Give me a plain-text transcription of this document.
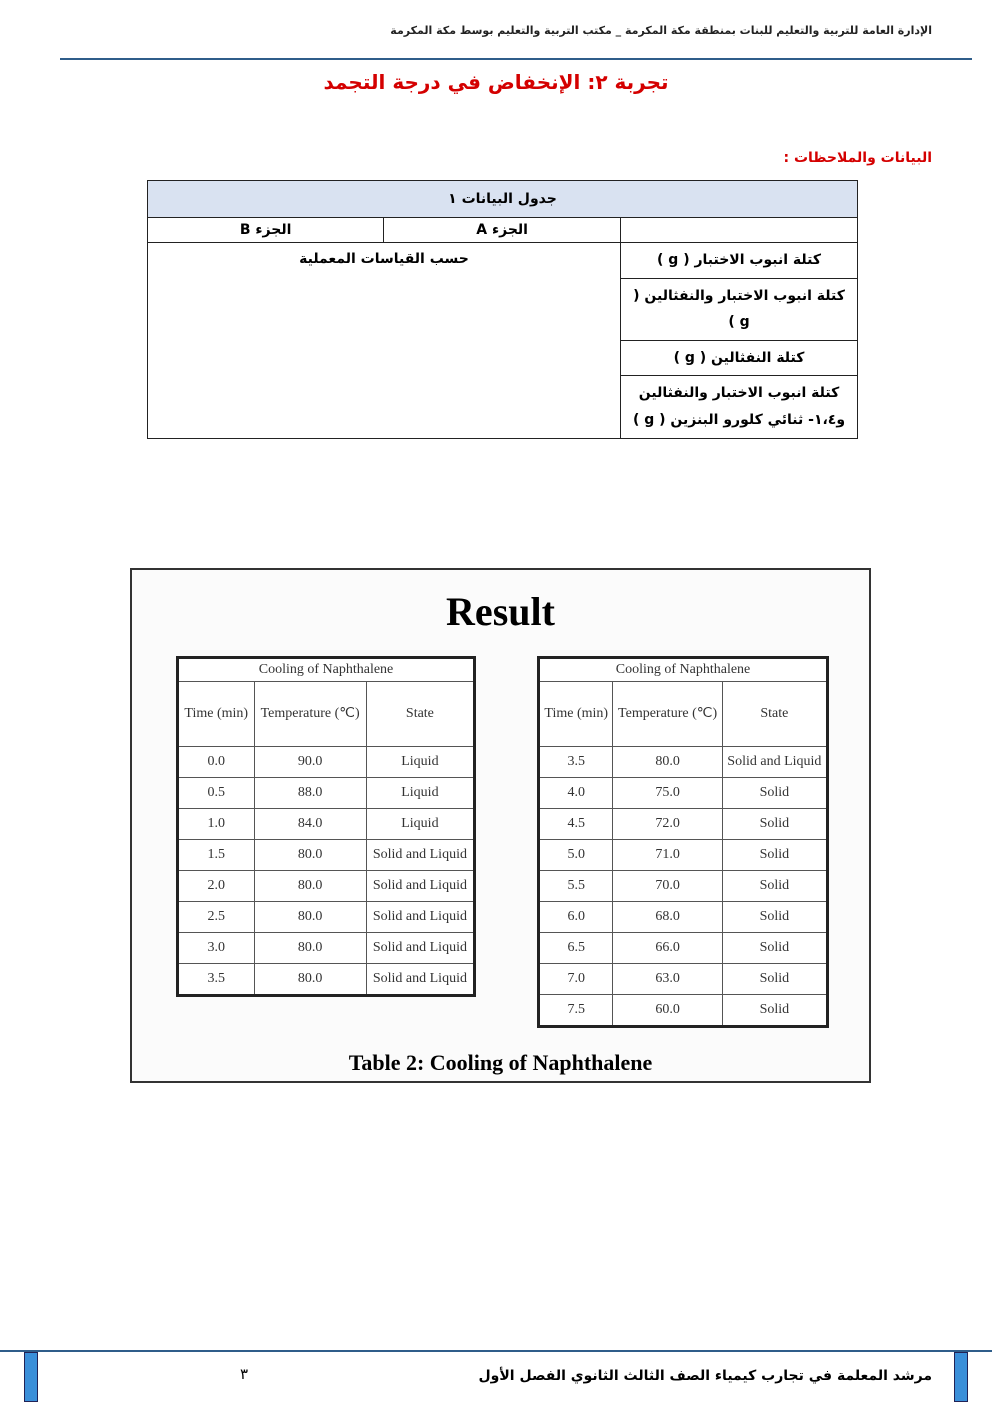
الإدارة العامة للتربية والتعليم للبنات بمنطقة مكة المكرمة _ مكتب التربية والتعليم بوسط مكة المكرمة
تجربة ٢: الإنخفاض في درجة التجمد
البيانات والملاحظات :
جدول البيانات ١		
	الجزء A	الجزء B
كتلة انبوب الاختبار ( g )	حسب القياسات المعملية	
كتلة انبوب الاختبار والنفثالين ( g )		
كتلة النفثالين ( g )		
كتلة انبوب الاختبار والنفثالين و١،٤- ثنائي كلورو البنزين ( g )		
Result
Cooling of Naphthalene		
Time (min)	Temperature (℃)	State
0.0	90.0	Liquid
0.5	88.0	Liquid
1.0	84.0	Liquid
1.5	80.0	Solid and Liquid
2.0	80.0	Solid and Liquid
2.5	80.0	Solid and Liquid
3.0	80.0	Solid and Liquid
3.5	80.0	Solid and Liquid
Cooling of Naphthalene		
Time (min)	Temperature (℃)	State
3.5	80.0	Solid and Liquid
4.0	75.0	Solid
4.5	72.0	Solid
5.0	71.0	Solid
5.5	70.0	Solid
6.0	68.0	Solid
6.5	66.0	Solid
7.0	63.0	Solid
7.5	60.0	Solid
Table 2: Cooling of Naphthalene
٣	مرشد المعلمة في تجارب كيمياء الصف الثالث الثانوي الفصل الأول
